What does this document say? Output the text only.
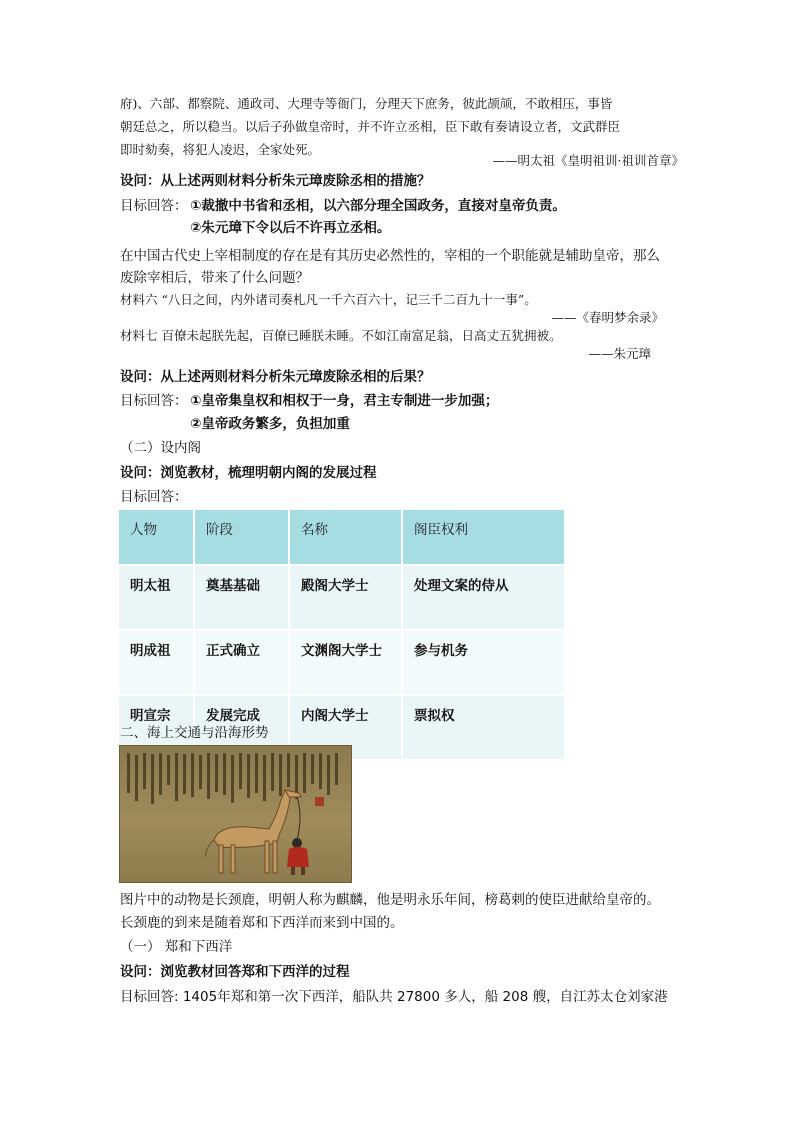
府)、六部、都察院、通政司、大理寺等衙门，分理天下庶务，彼此颉颃，不敢相压，事皆
朝廷总之，所以稳当。以后子孙做皇帝时，并不许立丞相，臣下敢有奏请设立者，文武群臣
即时劾奏，将犯人凌迟，全家处死。
——明太祖《皇明祖训·祖训首章》
设问：从上述两则材料分析朱元璋废除丞相的措施？
目标回答： ①裁撤中书省和丞相，以六部分理全国政务，直接对皇帝负责。
②朱元璋下令以后不许再立丞相。
在中国古代史上宰相制度的存在是有其历史必然性的，宰相的一个职能就是辅助皇帝，那么
废除宰相后，带来了什么问题？
材料六 “八日之间，内外诸司奏札凡一千六百六十，记三千二百九十一事”。
——《春明梦余录》
材料七 百僚未起朕先起，百僚已睡朕未睡。不如江南富足翁，日高丈五犹拥被。
——朱元璋
设问：从上述两则材料分析朱元璋废除丞相的后果？
目标回答： ①皇帝集皇权和相权于一身，君主专制进一步加强；
②皇帝政务繁多，负担加重
（二）设内阁
设问：浏览教材，梳理明朝内阁的发展过程
目标回答：
人物	阶段	名称	阁臣权利
明太祖	奠基基础	殿阁大学士	处理文案的侍从
明成祖	正式确立	文渊阁大学士	参与机务
明宣宗	发展完成	内阁大学士	票拟权
二、海上交通与沿海形势
图片中的动物是长颈鹿，明朝人称为麒麟，他是明永乐年间，榜葛剌的使臣进献给皇帝的。
长颈鹿的到来是随着郑和下西洋而来到中国的。
（一） 郑和下西洋
设问：浏览教材回答郑和下西洋的过程
目标回答: 1405年郑和第一次下西洋，船队共 27800 多人，船 208 艘，自江苏太仓刘家港
